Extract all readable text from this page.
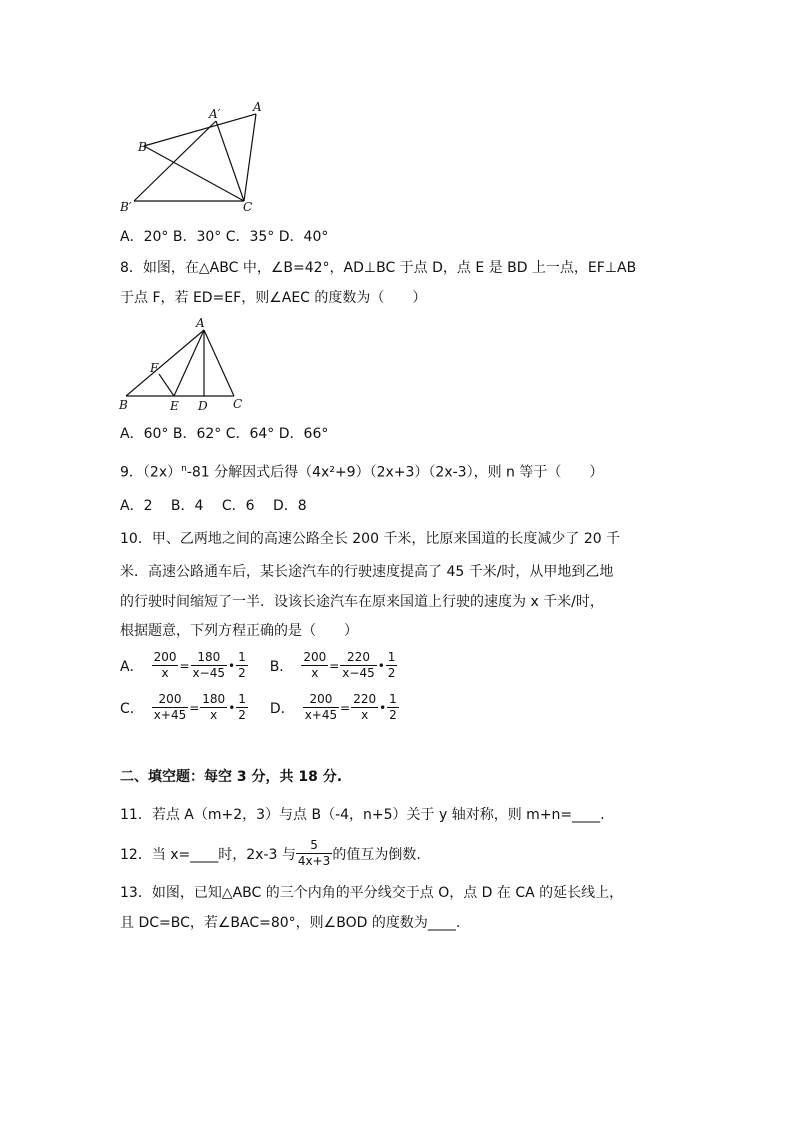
A
A′
B
B′	C
A．20° B．30° C．35° D．40°
8．如图，在△ABC 中，∠B=42°，AD⊥BC 于点 D，点 E 是 BD 上一点，EF⊥AB
于点 F，若 ED=EF，则∠AEC 的度数为（　　）
A
F
B	E D C
A．60° B．62° C．64° D．66°
9．$(2x)^n-81$ 分解因式后得（4x²+9）（2x+3）（2x-3），则 n 等于（　　）
A．2　 B．4　 C．6　 D．8
10．甲、乙两地之间的高速公路全长 200 千米，比原来国道的长度减少了 20 千
米．高速公路通车后，某长途汽车的行驶速度提高了 45 千米/时，从甲地到乙地
的行驶时间缩短了一半．设该长途汽车在原来国道上行驶的速度为 x 千米/时，
根据题意，下列方程正确的是（　　）
A． $\frac{200}{x} = \frac{180}{x-45}$ • $\frac{1}{2}$ B． $\frac{200}{x} = \frac{220}{x-45}$ • $\frac{1}{2}$
C． $\frac{200}{x+45} = \frac{180}{x}$ • $\frac{1}{2}$ D． $\frac{200}{x+45} = \frac{220}{x}$ • $\frac{1}{2}$
二、填空题：每空 3 分，共 18 分.
11．若点 A（m+2，3）与点 B（-4，n+5）关于 y 轴对称，则 m+n=____.
12．当 x=____时，2x-3 与 $\frac{5}{4x+3}$ 的值互为倒数.
13．如图，已知△ABC 的三个内角的平分线交于点 O，点 D 在 CA 的延长线上，
且 DC=BC，若∠BAC=80°，则∠BOD 的度数为____.
